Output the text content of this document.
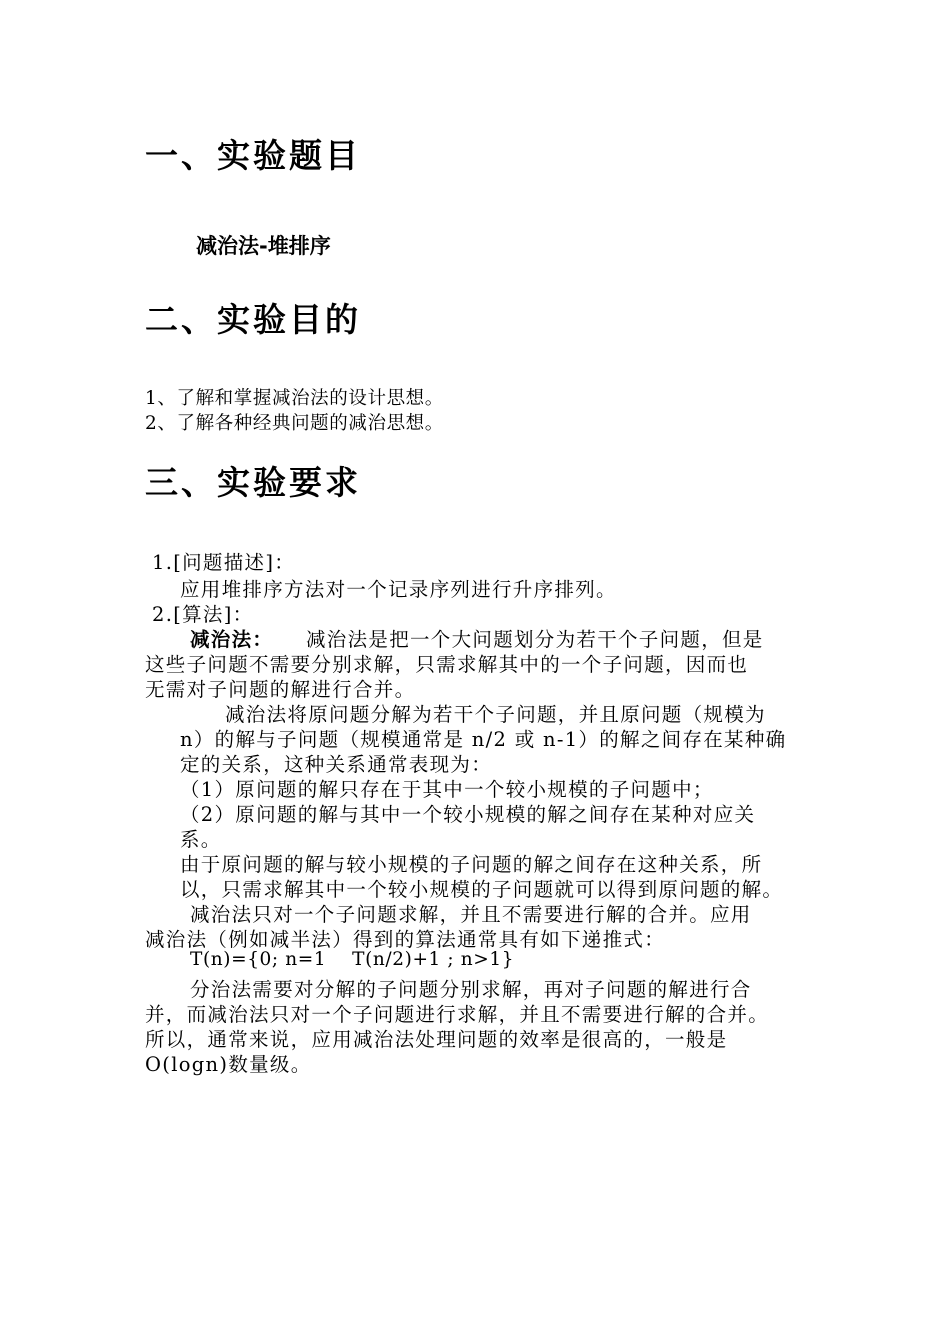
一、实验题目
减治法-堆排序
二、实验目的
1、了解和掌握减治法的设计思想。
2、了解各种经典问题的减治思想。
三、实验要求
1.[问题描述]：
应用堆排序方法对一个记录序列进行升序排列。
2.[算法]：
减治法： 减治法是把一个大问题划分为若干个子问题，但是
这些子问题不需要分别求解，只需求解其中的一个子问题，因而也
无需对子问题的解进行合并。
减治法将原问题分解为若干个子问题，并且原问题（规模为
n）的解与子问题（规模通常是 n/2 或 n-1）的解之间存在某种确
定的关系，这种关系通常表现为：
（1）原问题的解只存在于其中一个较小规模的子问题中；
（2）原问题的解与其中一个较小规模的解之间存在某种对应关
系。
由于原问题的解与较小规模的子问题的解之间存在这种关系，所
以，只需求解其中一个较小规模的子问题就可以得到原问题的解。
减治法只对一个子问题求解，并且不需要进行解的合并。应用
减治法（例如减半法）得到的算法通常具有如下递推式：
T(n)={0; n=1    T(n/2)+1 ; n>1}
分治法需要对分解的子问题分别求解，再对子问题的解进行合
并，而减治法只对一个子问题进行求解，并且不需要进行解的合并。
所以，通常来说，应用减治法处理问题的效率是很高的，一般是
O(logn)数量级。
